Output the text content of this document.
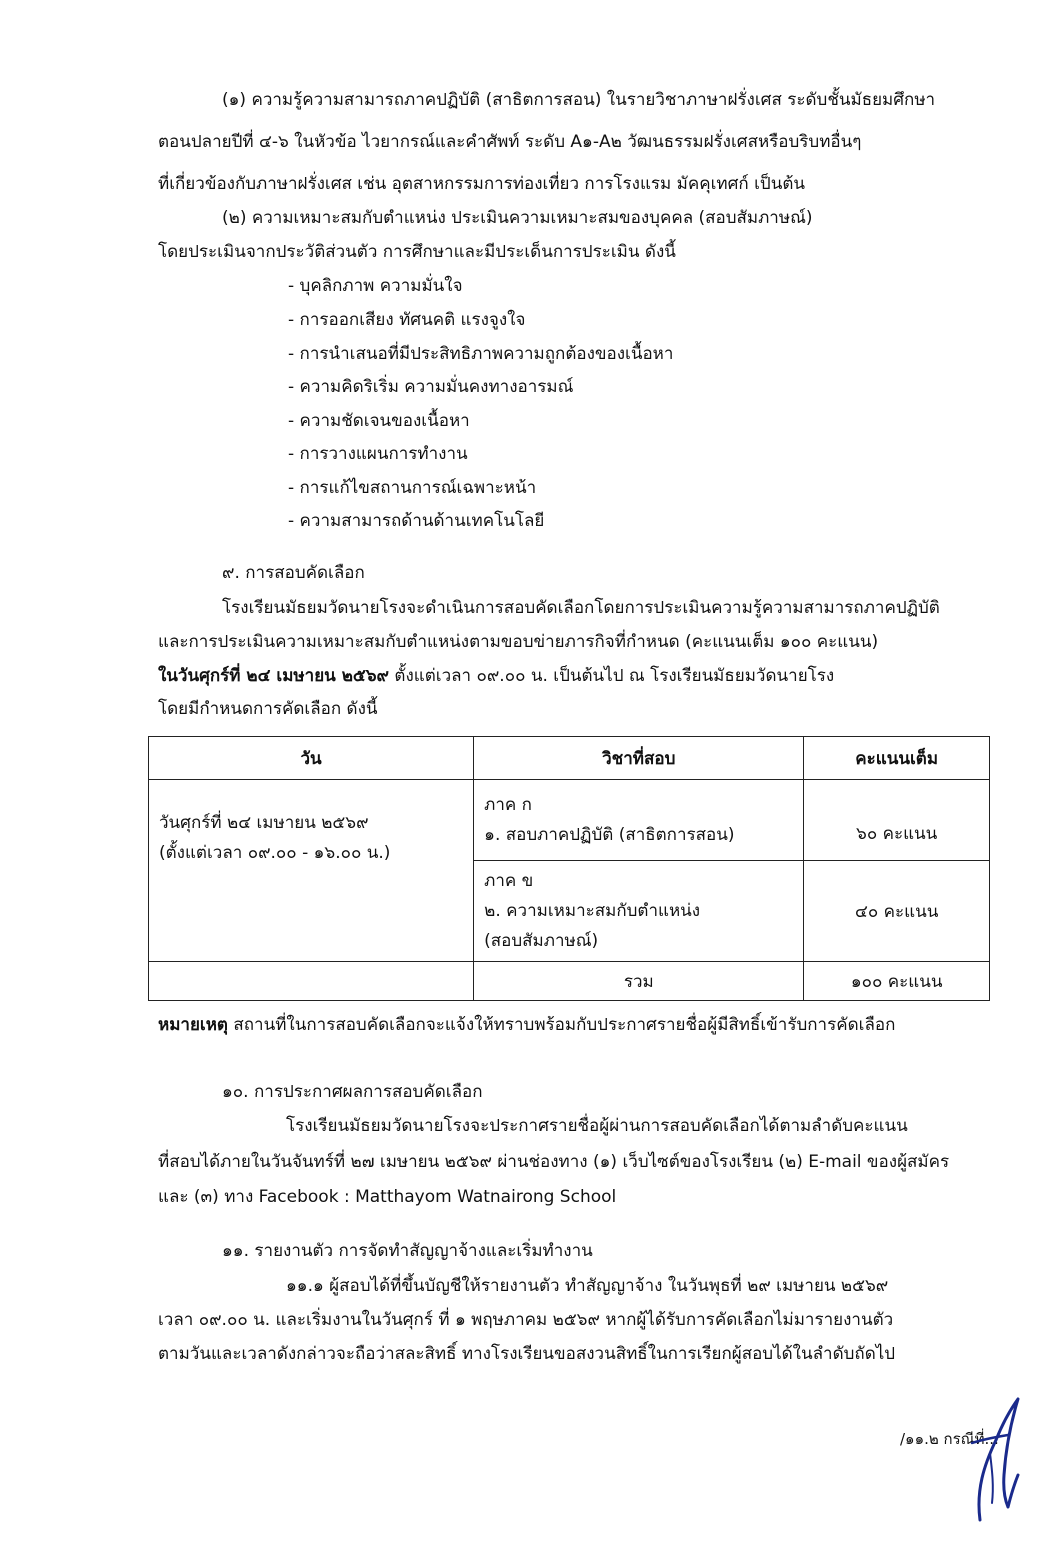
(๑) ความรู้ความสามารถภาคปฏิบัติ (สาธิตการสอน) ในรายวิชาภาษาฝรั่งเศส ระดับชั้นมัธยมศึกษา
ตอนปลายปีที่ ๔-๖ ในหัวข้อ ไวยากรณ์และคำศัพท์ ระดับ A๑-A๒ วัฒนธรรมฝรั่งเศสหรือบริบทอื่นๆ
ที่เกี่ยวข้องกับภาษาฝรั่งเศส เช่น อุตสาหกรรมการท่องเที่ยว การโรงแรม มัคคุเทศก์ เป็นต้น
(๒) ความเหมาะสมกับตำแหน่ง ประเมินความเหมาะสมของบุคคล (สอบสัมภาษณ์)
โดยประเมินจากประวัติส่วนตัว การศึกษาและมีประเด็นการประเมิน ดังนี้
- บุคลิกภาพ ความมั่นใจ
- การออกเสียง ทัศนคติ แรงจูงใจ
- การนำเสนอที่มีประสิทธิภาพความถูกต้องของเนื้อหา
- ความคิดริเริ่ม ความมั่นคงทางอารมณ์
- ความชัดเจนของเนื้อหา
- การวางแผนการทำงาน
- การแก้ไขสถานการณ์เฉพาะหน้า
- ความสามารถด้านด้านเทคโนโลยี
๙. การสอบคัดเลือก
โรงเรียนมัธยมวัดนายโรงจะดำเนินการสอบคัดเลือกโดยการประเมินความรู้ความสามารถภาคปฏิบัติ
และการประเมินความเหมาะสมกับตำแหน่งตามขอบข่ายภารกิจที่กำหนด (คะแนนเต็ม ๑๐๐ คะแนน)
ในวันศุกร์ที่ ๒๔ เมษายน ๒๕๖๙ ตั้งแต่เวลา ๐๙.๐๐ น. เป็นต้นไป ณ โรงเรียนมัธยมวัดนายโรง
โดยมีกำหนดการคัดเลือก ดังนี้
วัน	วิชาที่สอบ	คะแนนเต็ม

วันศุกร์ที่ ๒๔ เมษายน ๒๕๖๙
(ตั้งแต่เวลา ๐๙.๐๐ - ๑๖.๐๐ น.)	ภาค ก
๑. สอบภาคปฏิบัติ (สาธิตการสอน)	๖๐ คะแนน

	ภาค ข
๒. ความเหมาะสมกับตำแหน่ง
(สอบสัมภาษณ์)	๔๐ คะแนน
	รวม	๑๐๐ คะแนน
หมายเหตุ สถานที่ในการสอบคัดเลือกจะแจ้งให้ทราบพร้อมกับประกาศรายชื่อผู้มีสิทธิ์เข้ารับการคัดเลือก
๑๐. การประกาศผลการสอบคัดเลือก
โรงเรียนมัธยมวัดนายโรงจะประกาศรายชื่อผู้ผ่านการสอบคัดเลือกได้ตามลำดับคะแนน
ที่สอบได้ภายในวันจันทร์ที่ ๒๗ เมษายน ๒๕๖๙ ผ่านช่องทาง (๑) เว็บไซต์ของโรงเรียน (๒) E-mail ของผู้สมัคร
และ (๓) ทาง Facebook : Matthayom Watnairong School
๑๑. รายงานตัว การจัดทำสัญญาจ้างและเริ่มทำงาน
๑๑.๑ ผู้สอบได้ที่ขึ้นบัญชีให้รายงานตัว ทำสัญญาจ้าง ในวันพุธที่ ๒๙ เมษายน ๒๕๖๙
เวลา ๐๙.๐๐ น. และเริ่มงานในวันศุกร์ ที่ ๑ พฤษภาคม ๒๕๖๙ หากผู้ได้รับการคัดเลือกไม่มารายงานตัว
ตามวันและเวลาดังกล่าวจะถือว่าสละสิทธิ์ ทางโรงเรียนขอสงวนสิทธิ์ในการเรียกผู้สอบได้ในลำดับถัดไป
/๑๑.๒ กรณีที่...
